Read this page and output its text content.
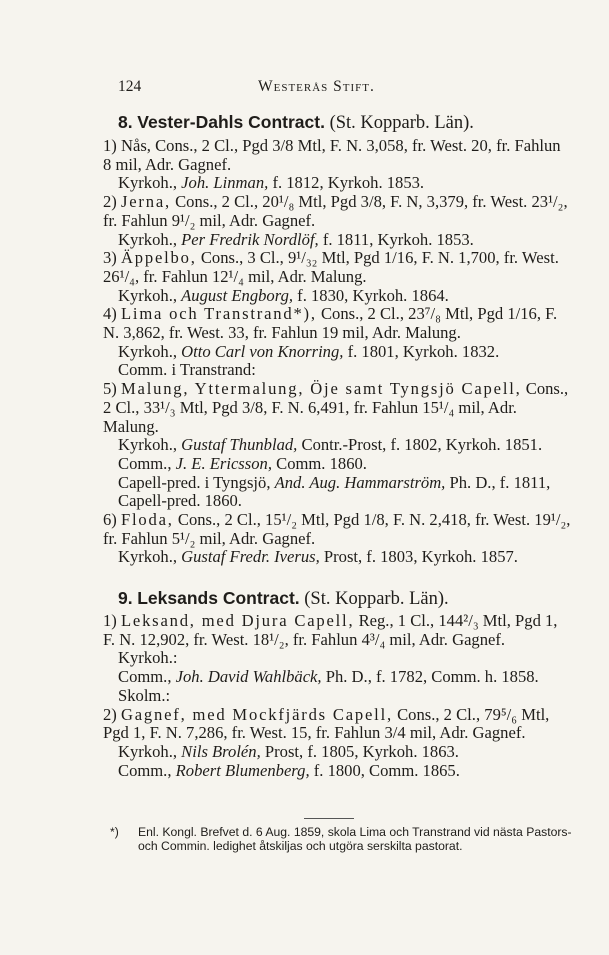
124	Westerås Stift.
8. Vester-Dahls Contract. (St. Kopparb. Län).
1) Nås, Cons., 2 Cl., Pgd 3/8 Mtl, F. N. 3,058, fr. West. 20, fr. Fahlun 8 mil, Adr. Gagnef.
Kyrkoh., Joh. Linman, f. 1812, Kyrkoh. 1853.
2) Jerna, Cons., 2 Cl., 20¹/₈ Mtl, Pgd 3/8, F. N, 3,379, fr. West. 23¹/₂, fr. Fahlun 9¹/₂ mil, Adr. Gagnef.
Kyrkoh., Per Fredrik Nordlöf, f. 1811, Kyrkoh. 1853.
3) Äppelbo, Cons., 3 Cl., 9¹/₃₂ Mtl, Pgd 1/16, F. N. 1,700, fr. West. 26¹/₄, fr. Fahlun 12¹/₄ mil, Adr. Malung.
Kyrkoh., August Engborg, f. 1830, Kyrkoh. 1864.
4) Lima och Transtrand*), Cons., 2 Cl., 23⁷/₈ Mtl, Pgd 1/16, F. N. 3,862, fr. West. 33, fr. Fahlun 19 mil, Adr. Malung.
Kyrkoh., Otto Carl von Knorring, f. 1801, Kyrkoh. 1832.
Comm. i Transtrand:
5) Malung, Yttermalung, Öje samt Tyngsjö Capell, Cons., 2 Cl., 33¹/₃ Mtl, Pgd 3/8, F. N. 6,491, fr. Fahlun 15¹/₄ mil, Adr. Malung.
Kyrkoh., Gustaf Thunblad, Contr.-Prost, f. 1802, Kyrkoh. 1851.
Comm., J. E. Ericsson, Comm. 1860.
Capell-pred. i Tyngsjö, And. Aug. Hammarström, Ph. D., f. 1811, Capell-pred. 1860.
6) Floda, Cons., 2 Cl., 15¹/₂ Mtl, Pgd 1/8, F. N. 2,418, fr. West. 19¹/₂, fr. Fahlun 5¹/₂ mil, Adr. Gagnef.
Kyrkoh., Gustaf Fredr. Iverus, Prost, f. 1803, Kyrkoh. 1857.
9. Leksands Contract. (St. Kopparb. Län).
1) Leksand, med Djura Capell, Reg., 1 Cl., 144²/₃ Mtl, Pgd 1, F. N. 12,902, fr. West. 18¹/₂, fr. Fahlun 4³/₄ mil, Adr. Gagnef.
Kyrkoh.:
Comm., Joh. David Wahlbäck, Ph. D., f. 1782, Comm. h. 1858.
Skolm.:
2) Gagnef, med Mockfjärds Capell, Cons., 2 Cl., 79⁵/₆ Mtl, Pgd 1, F. N. 7,286, fr. West. 15, fr. Fahlun 3/4 mil, Adr. Gagnef.
Kyrkoh., Nils Brolén, Prost, f. 1805, Kyrkoh. 1863.
Comm., Robert Blumenberg, f. 1800, Comm. 1865.
*)	Enl. Kongl. Brefvet d. 6 Aug. 1859, skola Lima och Transtrand vid nästa Pastors- och Commin. ledighet åtskiljas och utgöra serskilta pastorat.
